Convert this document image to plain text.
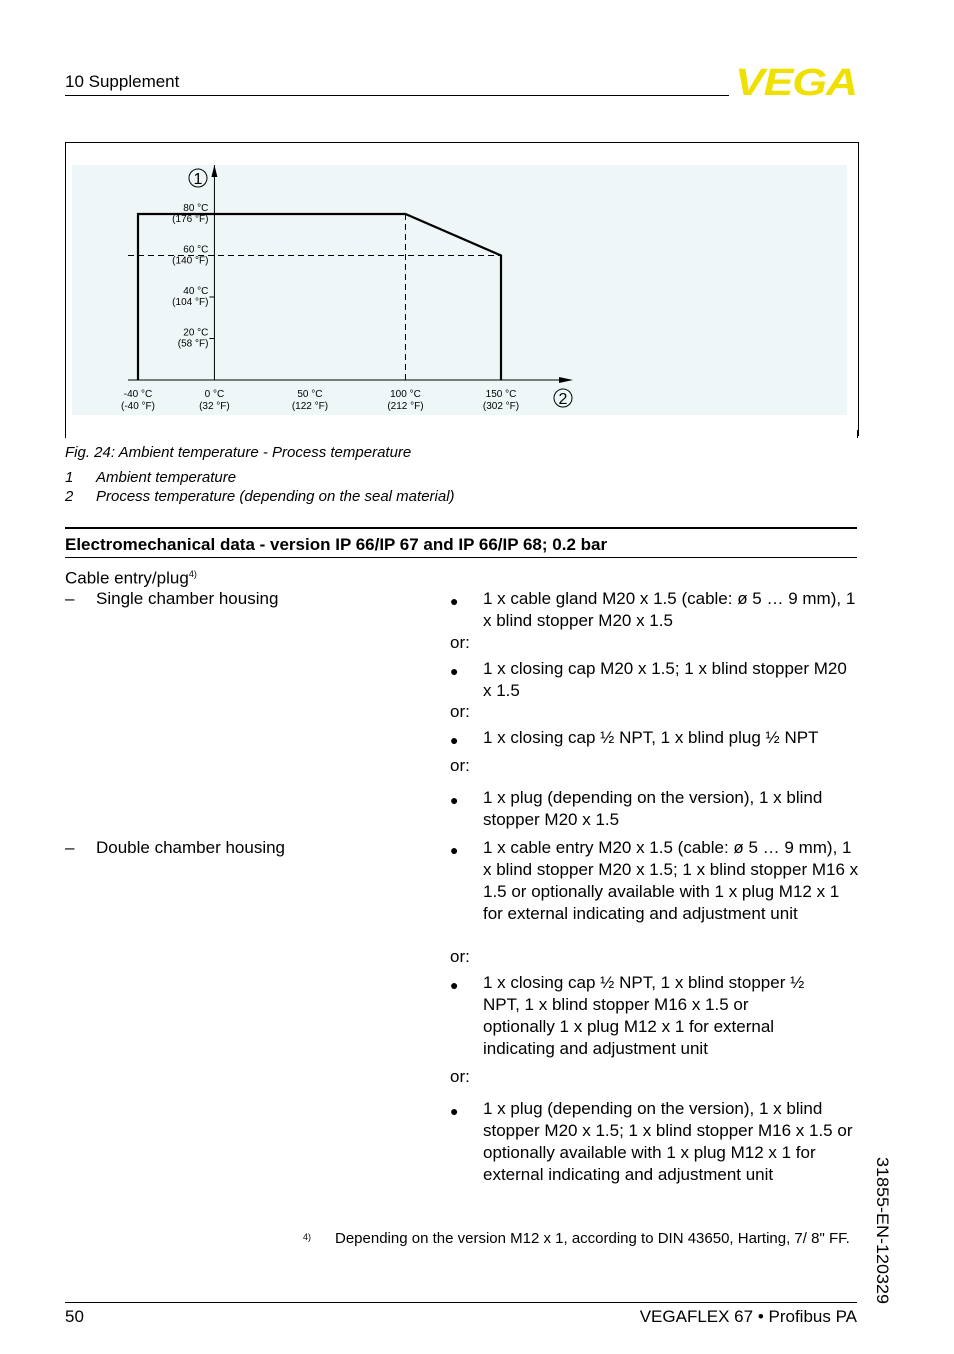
10 Supplement	VEGA
80 °C
(176 °F)
60 °C
(140 °F)
40 °C
(104 °F)
20 °C
(58 °F)
-40 °C
(-40 °F)
0 °C
(32 °F)
50 °C
(122 °F)
100 °C
(212 °F)
150 °C
(302 °F)
1
2
Fig. 24: Ambient temperature - Process temperature
1 Ambient temperature
2 Process temperature (depending on the seal material)
Electromechanical data - version IP 66/IP 67 and IP 66/IP 68; 0.2 bar
Cable entry/plug$^{4)}$
– Single chamber housing	● 1 x cable gland M20 x 1.5 (cable: ø 5 … 9 mm), 1 x blind stopper M20 x 1.5
or:
● 1 x closing cap M20 x 1.5; 1 x blind stopper M20 x 1.5
or:
● 1 x closing cap ½ NPT, 1 x blind plug ½ NPT
or:
● 1 x plug (depending on the version), 1 x blind stopper M20 x 1.5
– Double chamber housing	● 1 x cable entry M20 x 1.5 (cable: ø 5 … 9 mm), 1 x blind stopper M20 x 1.5; 1 x blind stopper M16 x 1.5 or optionally available with 1 x plug M12 x 1 for external indicating and adjustment unit
or:
● 1 x closing cap ½ NPT, 1 x blind stopper ½ NPT, 1 x blind stopper M16 x 1.5 or optionally 1 x plug M12 x 1 for external indicating and adjustment unit
or:
● 1 x plug (depending on the version), 1 x blind stopper M20 x 1.5; 1 x blind stopper M16 x 1.5 or optionally available with 1 x plug M12 x 1 for external indicating and adjustment unit
4) Depending on the version M12 x 1, according to DIN 43650, Harting, 7/ 8" FF. 31855-EN-120329
50	VEGAFLEX 67 • Profibus PA
